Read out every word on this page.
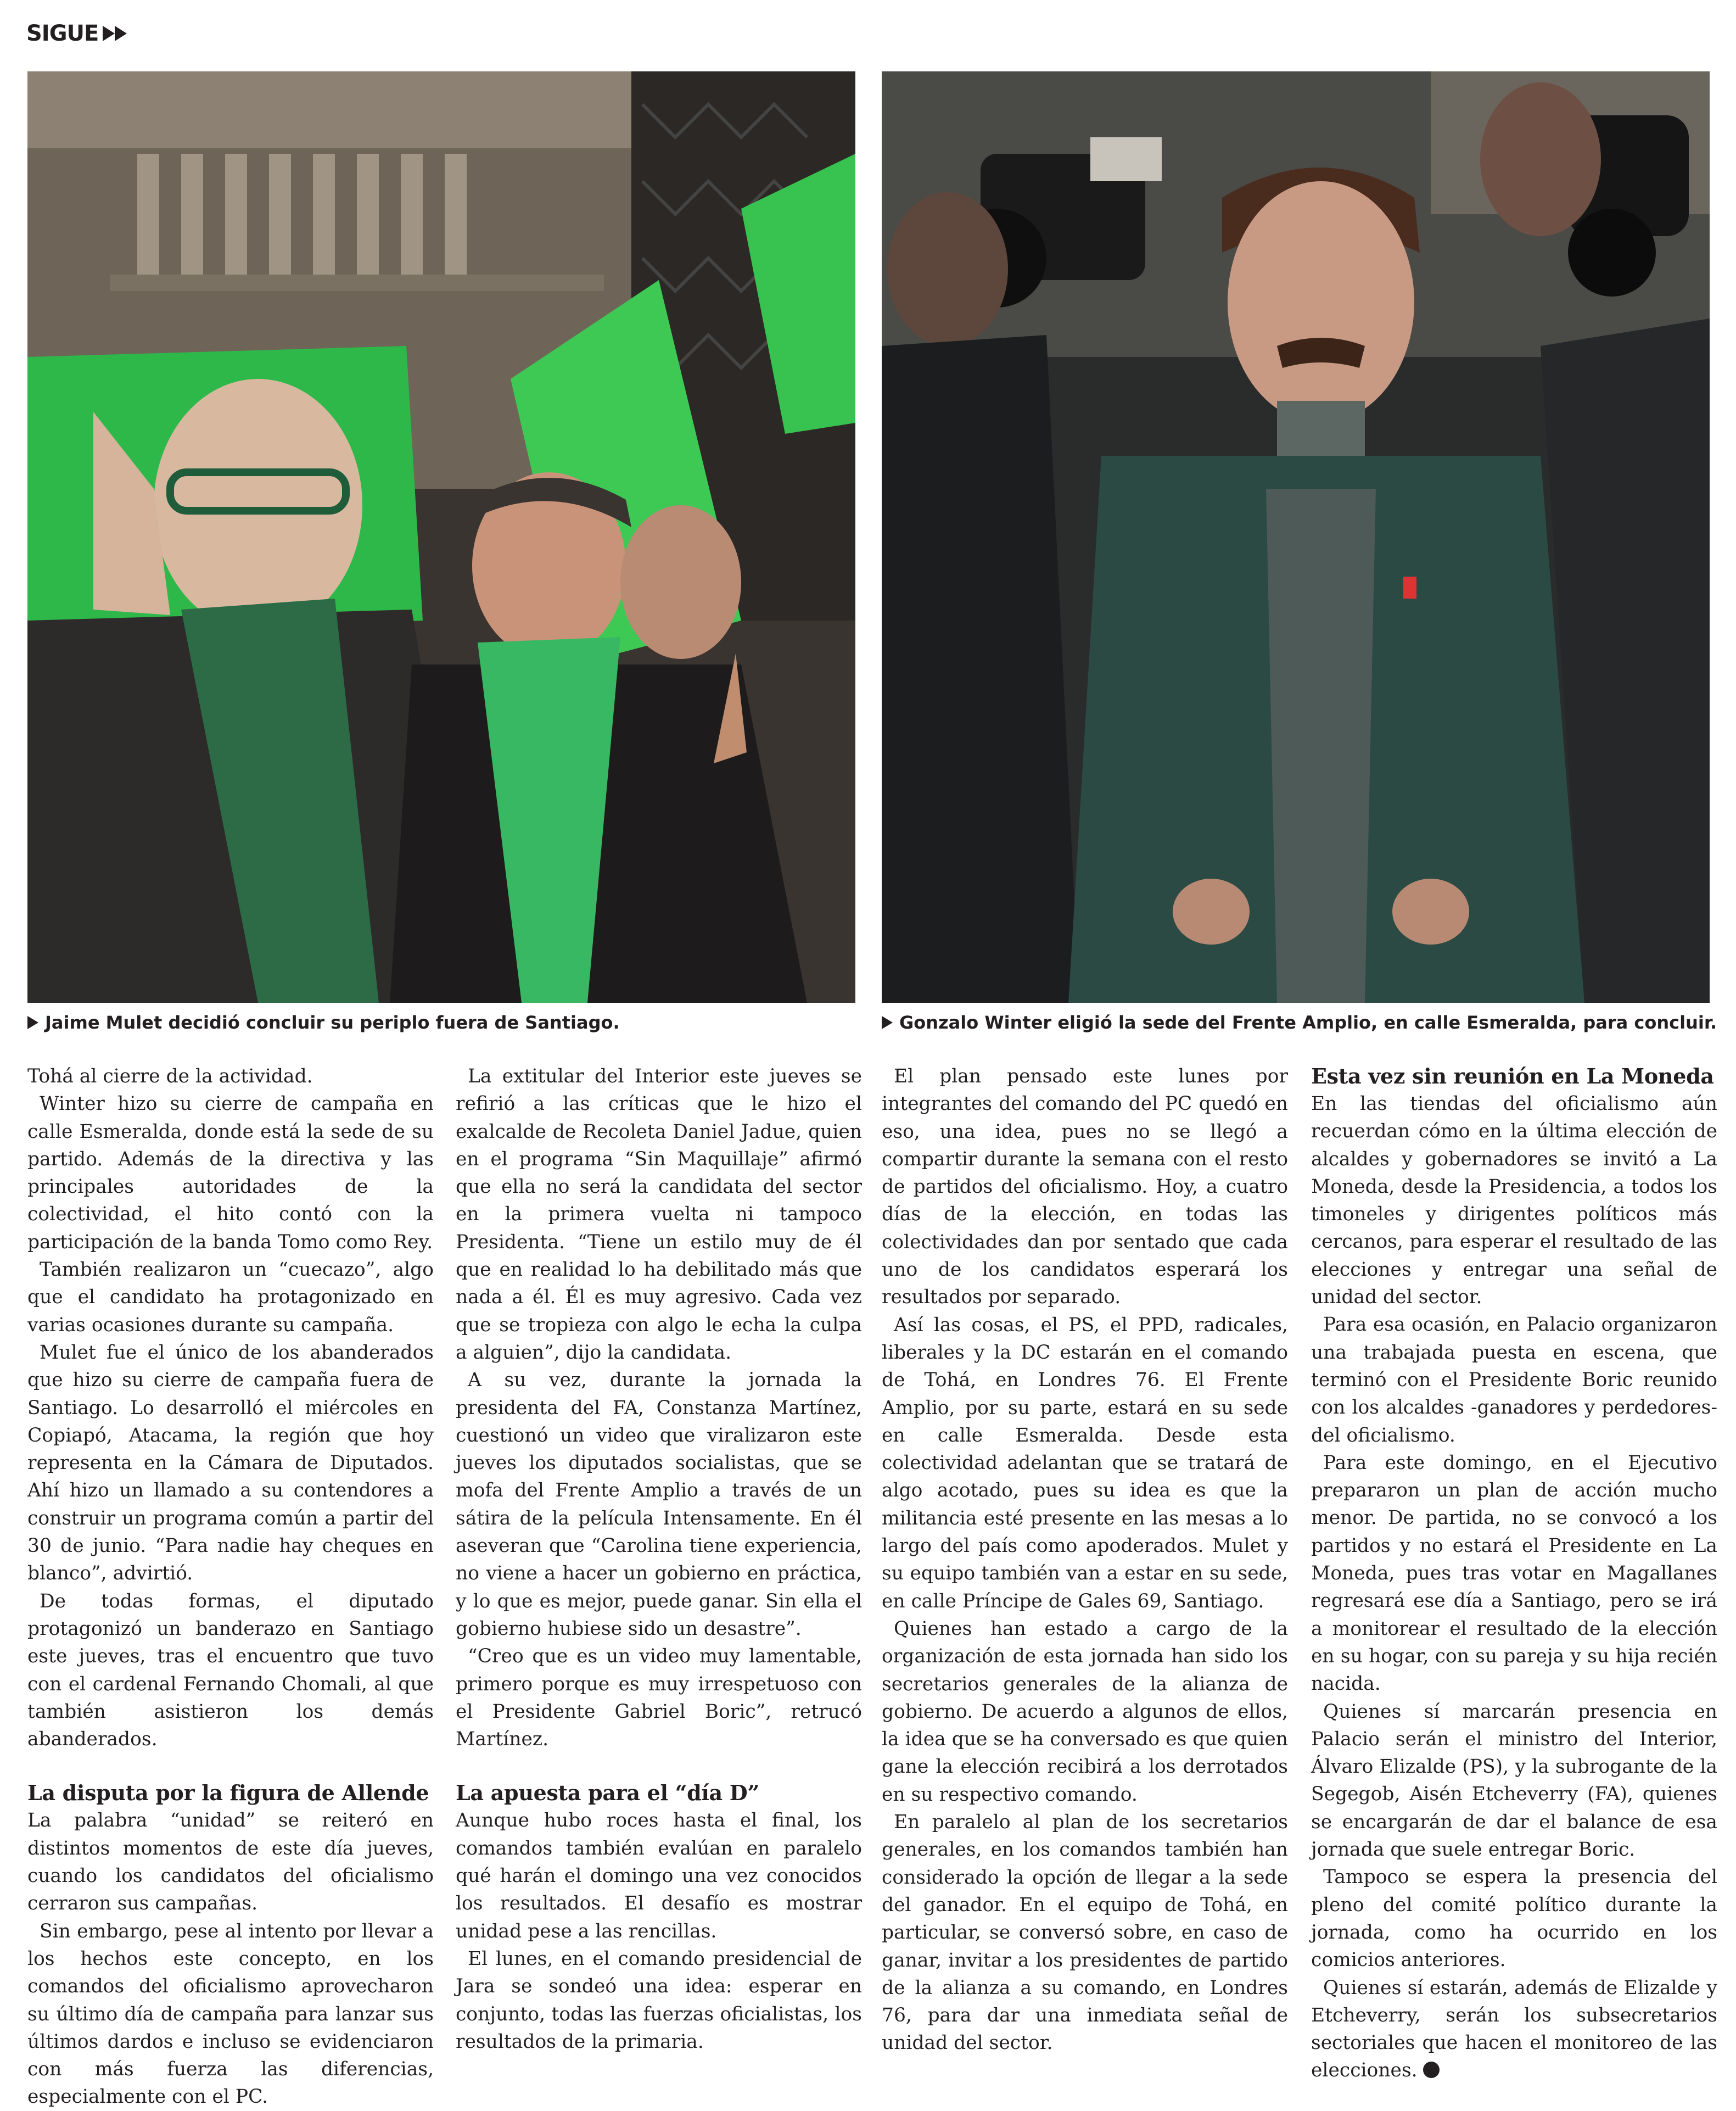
SIGUE
Jaime Mulet decidió concluir su periplo fuera de Santiago.	Gonzalo Winter eligió la sede del Frente Amplio, en calle Esmeralda, para concluir.

Tohá al cierre de la actividad.

Winter hizo su cierre de campaña en calle Esmeralda, donde está la sede de su partido. Además de la directiva y las principales autoridades de la colectividad, el hito contó con la participación de la banda Tomo como Rey.

También realizaron un “cuecazo”, algo que el candidato ha protagonizado en varias ocasiones durante su campaña.

Mulet fue el único de los abanderados que hizo su cierre de campaña fuera de Santiago. Lo desarrolló el miércoles en Copiapó, Atacama, la región que hoy representa en la Cámara de Diputados. Ahí hizo un llamado a su contendores a construir un programa común a partir del 30 de junio. “Para nadie hay cheques en blanco”, advirtió.

De todas formas, el diputado protagonizó un banderazo en Santiago este jueves, tras el encuentro que tuvo con el cardenal Fernando Chomali, al que también asistieron los demás abanderados.

La disputa por la figura de Allende

La palabra “unidad” se reiteró en distintos momentos de este día jueves, cuando los candidatos del oficialismo cerraron sus campañas.

Sin embargo, pese al intento por llevar a los hechos este concepto, en los comandos del oficialismo aprovecharon su último día de campaña para lanzar sus últimos dardos e incluso se evidenciaron con más fuerza las diferencias, especialmente con el PC.

La extitular del Interior este jueves se refirió a las críticas que le hizo el exalcalde de Recoleta Daniel Jadue, quien en el programa “Sin Maquillaje” afirmó que ella no será la candidata del sector en la primera vuelta ni tampoco Presidenta. “Tiene un estilo muy de él que en realidad lo ha debilitado más que nada a él. Él es muy agresivo. Cada vez que se tropieza con algo le echa la culpa a alguien”, dijo la candidata.

A su vez, durante la jornada la presidenta del FA, Constanza Martínez, cuestionó un video que viralizaron este jueves los diputados socialistas, que se mofa del Frente Amplio a través de un sátira de la película Intensamente. En él aseveran que “Carolina tiene experiencia, no viene a hacer un gobierno en práctica, y lo que es mejor, puede ganar. Sin ella el gobierno hubiese sido un desastre”.

“Creo que es un video muy lamentable, primero porque es muy irrespetuoso con el Presidente Gabriel Boric”, retrucó Martínez.

La apuesta para el “día D”

Aunque hubo roces hasta el final, los comandos también evalúan en paralelo qué harán el domingo una vez conocidos los resultados. El desafío es mostrar unidad pese a las rencillas.

El lunes, en el comando presidencial de Jara se sondeó una idea: esperar en conjunto, todas las fuerzas oficialistas, los resultados de la primaria.

El plan pensado este lunes por integrantes del comando del PC quedó en eso, una idea, pues no se llegó a compartir durante la semana con el resto de partidos del oficialismo. Hoy, a cuatro días de la elección, en todas las colectividades dan por sentado que cada uno de los candidatos esperará los resultados por separado.

Así las cosas, el PS, el PPD, radicales, liberales y la DC estarán en el comando de Tohá, en Londres 76. El Frente Amplio, por su parte, estará en su sede en calle Esmeralda. Desde esta colectividad adelantan que se tratará de algo acotado, pues su idea es que la militancia esté presente en las mesas a lo largo del país como apoderados. Mulet y su equipo también van a estar en su sede, en calle Príncipe de Gales 69, Santiago.

Quienes han estado a cargo de la organización de esta jornada han sido los secretarios generales de la alianza de gobierno. De acuerdo a algunos de ellos, la idea que se ha conversado es que quien gane la elección recibirá a los derrotados en su respectivo comando.

En paralelo al plan de los secretarios generales, en los comandos también han considerado la opción de llegar a la sede del ganador. En el equipo de Tohá, en particular, se conversó sobre, en caso de ganar, invitar a los presidentes de partido de la alianza a su comando, en Londres 76, para dar una inmediata señal de unidad del sector.

Esta vez sin reunión en La Moneda

En las tiendas del oficialismo aún recuerdan cómo en la última elección de alcaldes y gobernadores se invitó a La Moneda, desde la Presidencia, a todos los timoneles y dirigentes políticos más cercanos, para esperar el resultado de las elecciones y entregar una señal de unidad del sector.

Para esa ocasión, en Palacio organizaron una trabajada puesta en escena, que terminó con el Presidente Boric reunido con los alcaldes -ganadores y perdedores- del oficialismo.

Para este domingo, en el Ejecutivo prepararon un plan de acción mucho menor. De partida, no se convocó a los partidos y no estará el Presidente en La Moneda, pues tras votar en Magallanes regresará ese día a Santiago, pero se irá a monitorear el resultado de la elección en su hogar, con su pareja y su hija recién nacida.

Quienes sí marcarán presencia en Palacio serán el ministro del Interior, Álvaro Elizalde (PS), y la subrogante de la Segegob, Aisén Etcheverry (FA), quienes se encargarán de dar el balance de esa jornada que suele entregar Boric.

Tampoco se espera la presencia del pleno del comité político durante la jornada, como ha ocurrido en los comicios anteriores.

Quienes sí estarán, además de Elizalde y Etcheverry, serán los subsecretarios sectoriales que hacen el monitoreo de las elecciones.
